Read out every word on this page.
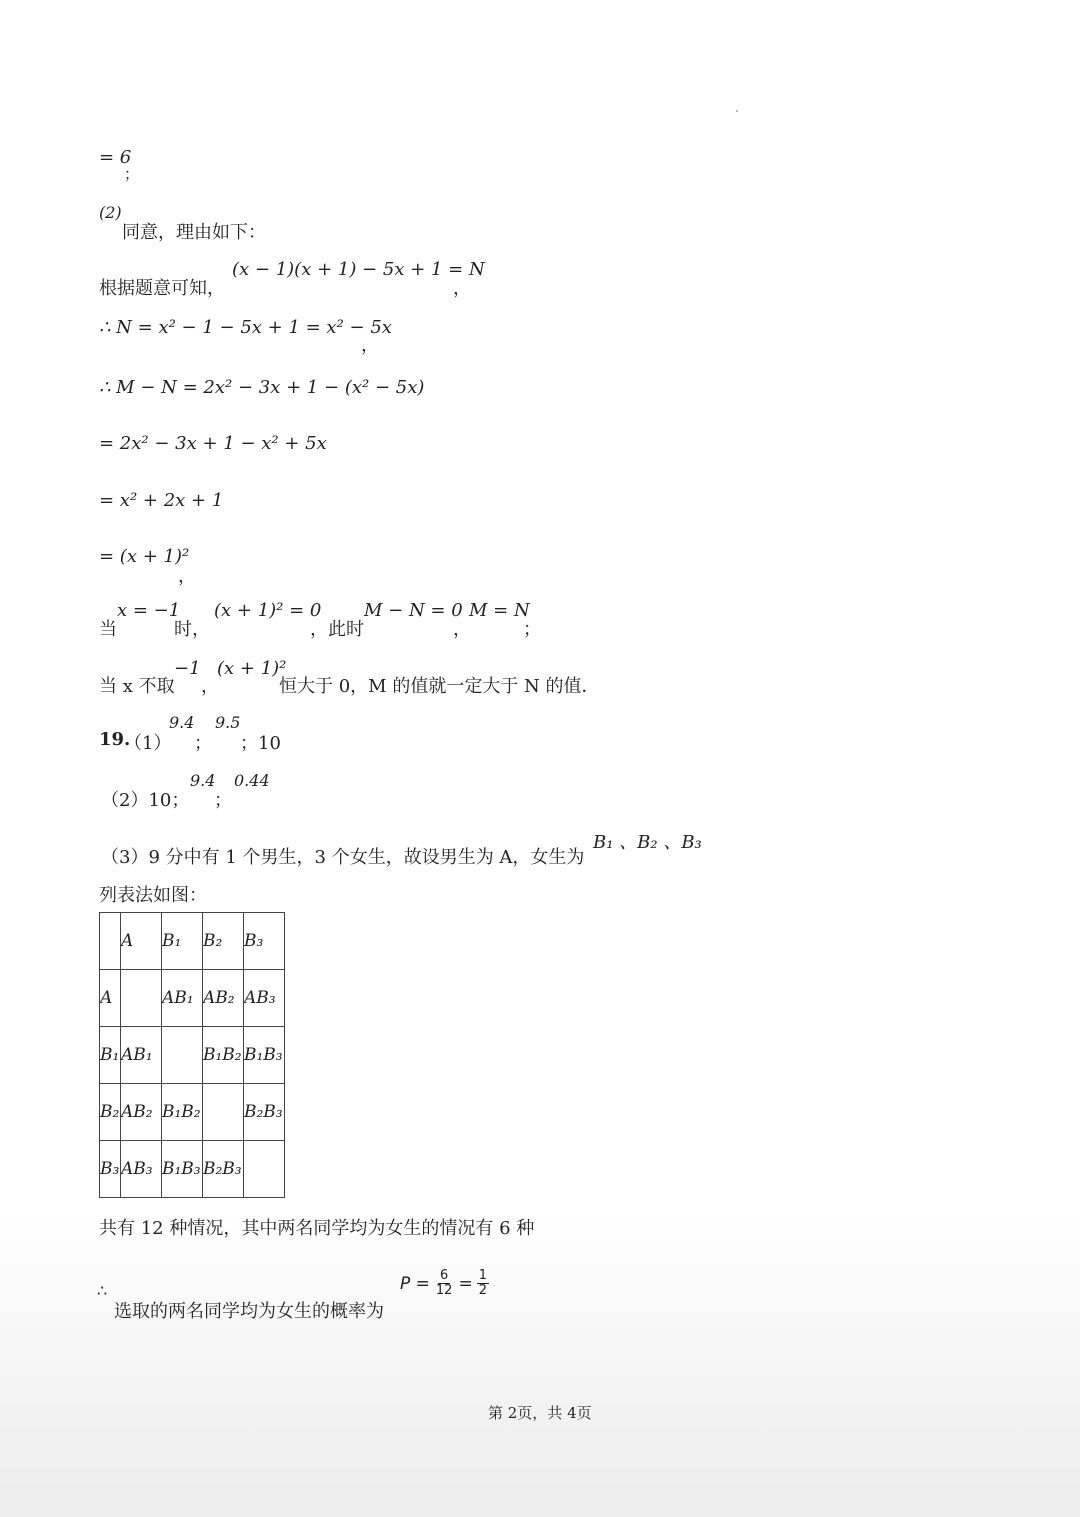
= 6
；
(2)
同意，理由如下：
根据题意可知，
(x − 1)(x + 1) − 5x + 1 = N
，
∴ N = x² − 1 − 5x + 1 = x² − 5x
，
∴ M − N = 2x² − 3x + 1 − (x² − 5x)
= 2x² − 3x + 1 − x² + 5x
= x² + 2x + 1
= (x + 1)²
，
当
x = −1
时，
(x + 1)² = 0
，此时
M − N = 0
，
M = N
；
当 x 不取
−1
，
(x + 1)²
恒大于 0，M 的值就一定大于 N 的值．
19.
（1）
9.4
；
9.5
；10
（2）10；
9.4
；
0.44
（3）9 分中有 1 个男生，3 个女生，故设男生为 A，女生为
B₁ 、B₂ 、B₃
列表法如图：

	A	B₁	B₂	B₃

A		AB₁	AB₂	AB₃

B₁	AB₁		B₁B₂	B₁B₃

B₂	AB₂	B₁B₂		B₂B₃

B₃	AB₃	B₁B₃	B₂B₃	

共有 12 种情况，其中两名同学均为女生的情况有 6 种
∴
选取的两名同学均为女生的概率为
$P = \frac{6}{12} = \frac{1}{2}$
第 2页，共 4页
